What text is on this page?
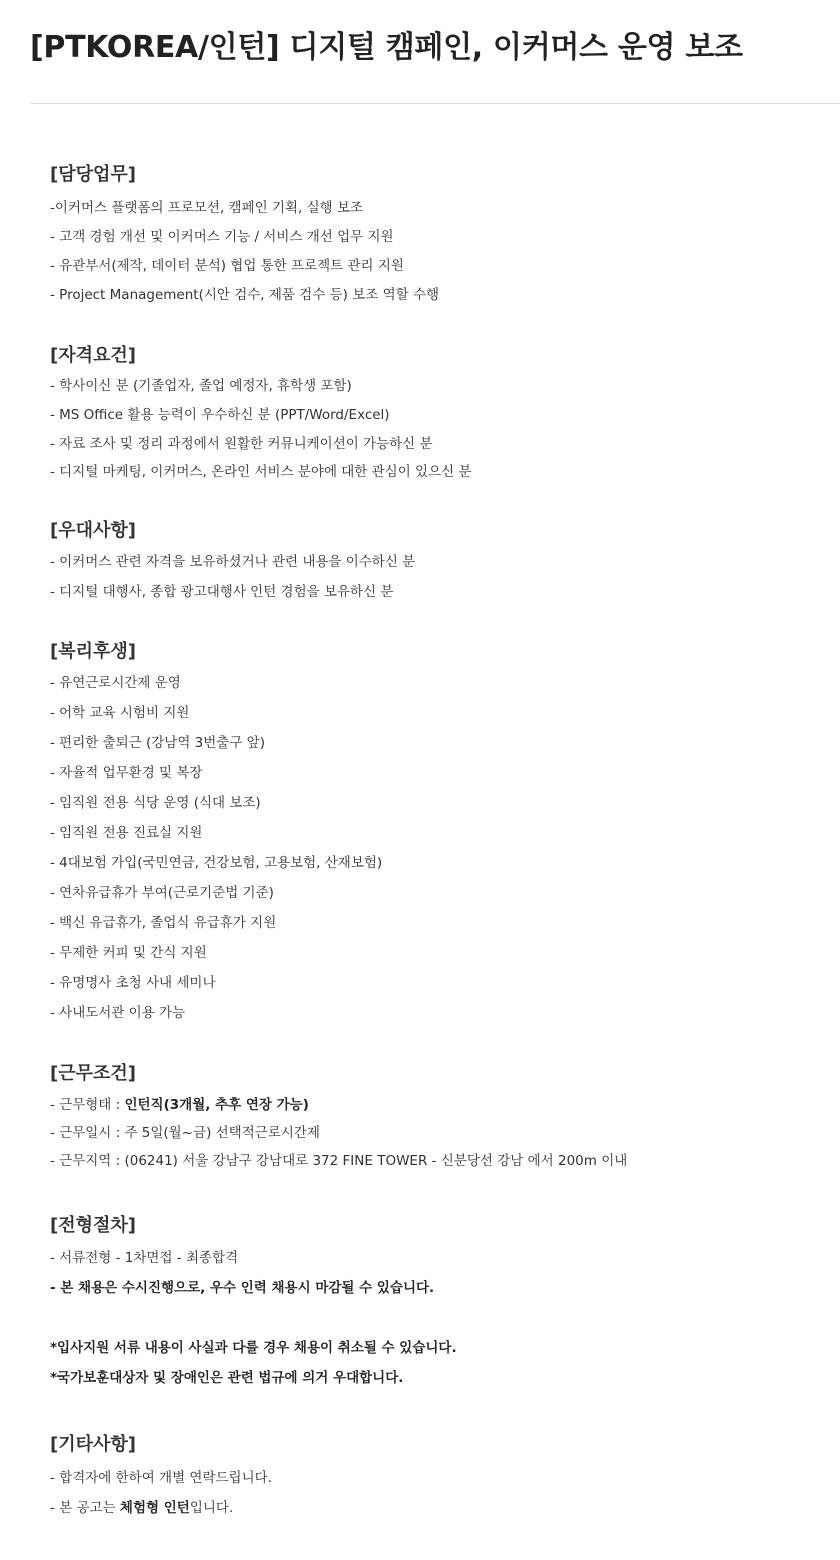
[PTKOREA/인턴] 디지털 캠페인, 이커머스 운영 보조
[담당업무]
-이커머스 플랫폼의 프로모션, 캠페인 기획, 실행 보조
- 고객 경험 개선 및 이커머스 기능 / 서비스 개선 업무 지원
- 유관부서(제작, 데이터 분석) 협업 통한 프로젝트 관리 지원
- Project Management(시안 검수, 제품 검수 등) 보조 역할 수행
[자격요건]
- 학사이신 분 (기졸업자, 졸업 예정자, 휴학생 포함)
- MS Office 활용 능력이 우수하신 분 (PPT/Word/Excel)
- 자료 조사 및 정리 과정에서 원활한 커뮤니케이션이 가능하신 분
- 디지털 마케팅, 이커머스, 온라인 서비스 분야에 대한 관심이 있으신 분
[우대사항]
- 이커머스 관련 자격을 보유하셨거나 관련 내용을 이수하신 분
- 디지털 대행사, 종합 광고대행사 인턴 경험을 보유하신 분
[복리후생]
- 유연근로시간제 운영
- 어학 교육 시험비 지원
- 편리한 출퇴근 (강남역 3번출구 앞)
- 자율적 업무환경 및 복장
- 임직원 전용 식당 운영 (식대 보조)
- 임직원 전용 진료실 지원
- 4대보험 가입(국민연금, 건강보험, 고용보험, 산재보험)
- 연차유급휴가 부여(근로기준법 기준)
- 백신 유급휴가, 졸업식 유급휴가 지원
- 무제한 커피 및 간식 지원
- 유명명사 초청 사내 세미나
- 사내도서관 이용 가능
[근무조건]
- 근무형태 : 인턴직(3개월, 추후 연장 가능)
- 근무일시 : 주 5일(월~금) 선택적근로시간제
- 근무지역 : (06241) 서울 강남구 강남대로 372 FINE TOWER - 신분당선 강남 에서 200m 이내
[전형절차]
- 서류전형 - 1차면접 - 최종합격
- 본 채용은 수시진행으로, 우수 인력 채용시 마감될 수 있습니다.
*입사지원 서류 내용이 사실과 다를 경우 채용이 취소될 수 있습니다.
*국가보훈대상자 및 장애인은 관련 법규에 의거 우대합니다.
[기타사항]
- 합격자에 한하여 개별 연락드립니다.
- 본 공고는 체험형 인턴입니다.
